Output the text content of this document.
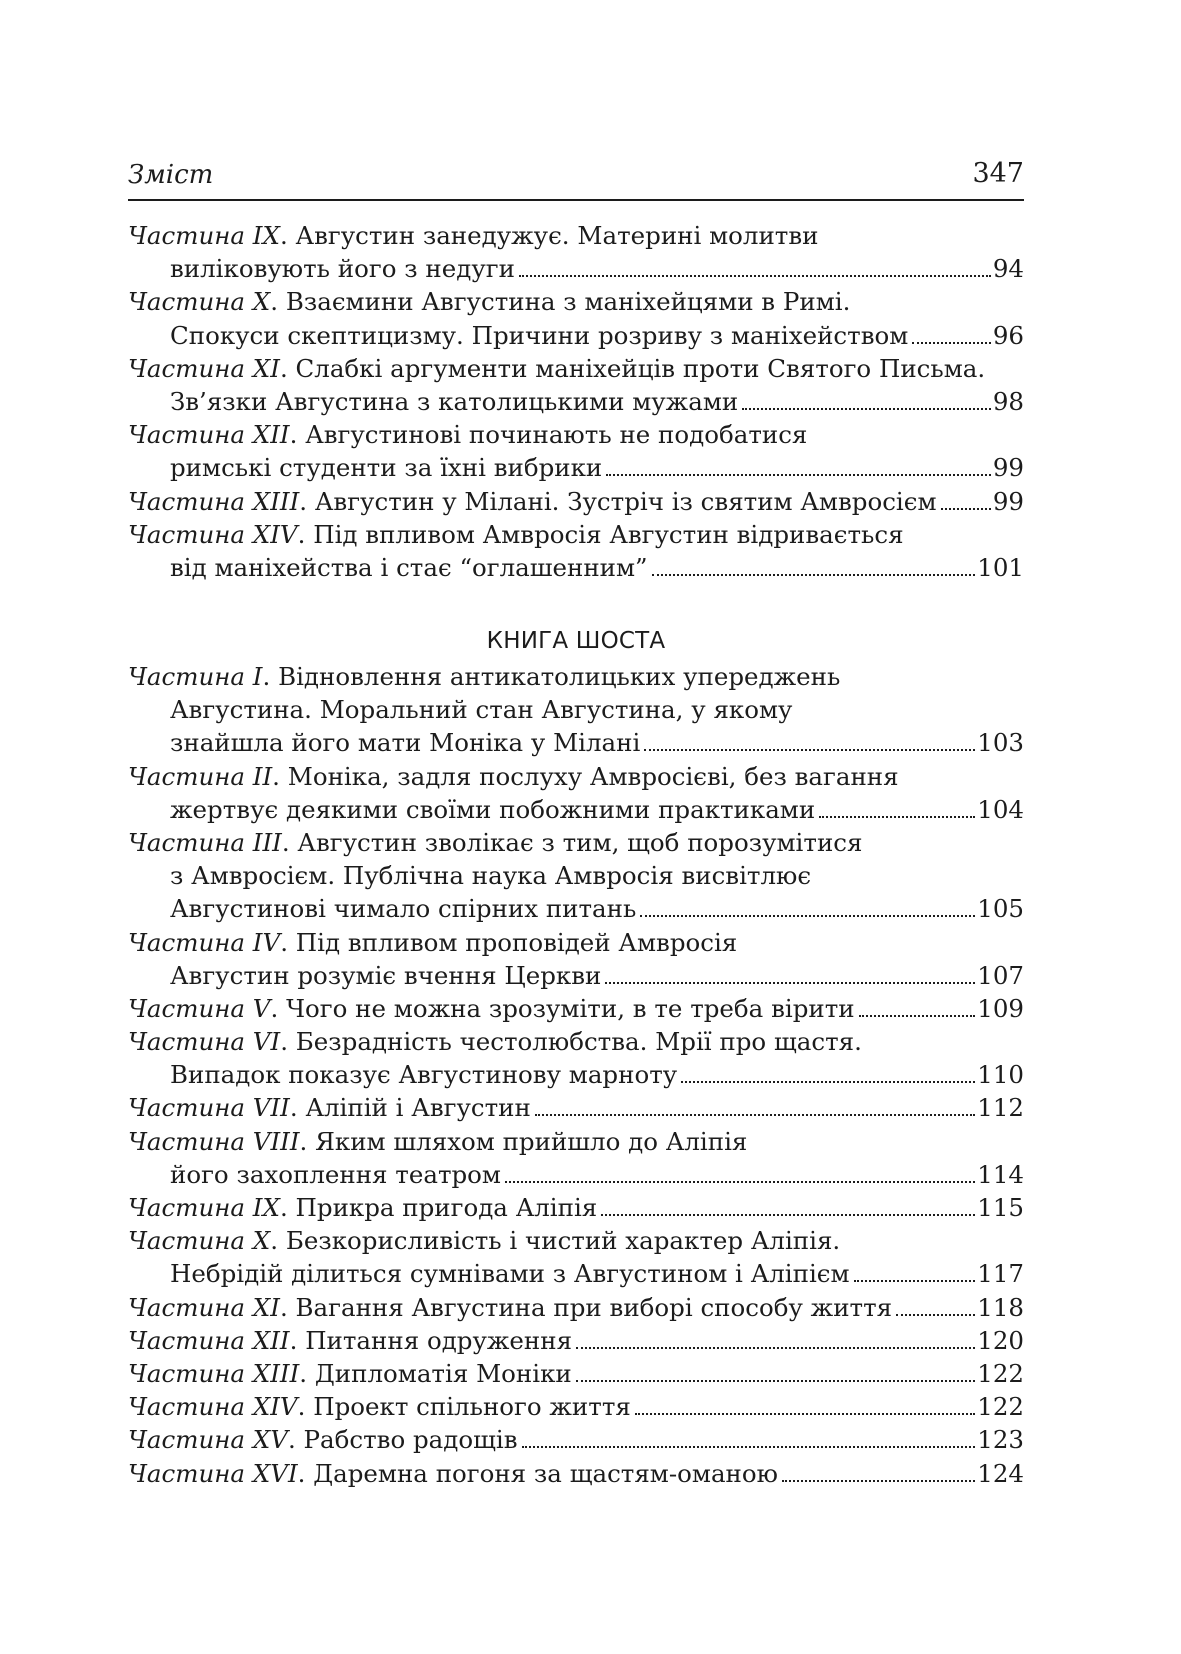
Зміст	347
Частина IX . Августин занедужує. Материні молитви
виліковують його з недуги	94
Частина X . Взаємини Августина з маніхейцями в Римі.
Спокуси скептицизму. Причини розриву з маніхейством	96
Частина XI . Слабкі аргументи маніхейців проти Святого Письма.
Зв’язки Августина з католицькими мужами	98
Частина XII . Августинові починають не подобатися
римські студенти за їхні вибрики	99
Частина XIII . Августин у Мілані. Зустріч із святим Амвросієм 99
Частина XIV . Під впливом Амвросія Августин відривається
від маніхейства і стає “оглашенним”	101
КНИГА ШОСТА
Частина I . Відновлення антикатолицьких упереджень
Августина. Моральний стан Августина, у якому
знайшла його мати Моніка у Мілані	103
Частина II . Моніка, задля послуху Амвросієві, без вагання
жертвує деякими своїми побожними практиками	104
Частина III . Августин зволікає з тим, щоб порозумітися
з Амвросієм. Публічна наука Амвросія висвітлює
Августинові чимало спірних питань	105
Частина IV . Під впливом проповідей Амвросія
Августин розуміє вчення Церкви	107
Частина V . Чого не можна зрозуміти, в те треба вірити	109
Частина VI . Безрадність честолюбства. Мрії про щастя.
Випадок показує Августинову марноту	110
Частина VII . Аліпій і Августин	112
Частина VIII . Яким шляхом прийшло до Аліпія
його захоплення театром	114
Частина IX . Прикра пригода Аліпія	115
Частина X . Безкорисливість і чистий характер Аліпія.
Небрідій ділиться сумнівами з Августином і Аліпієм	117
Частина XI . Вагання Августина при виборі способу життя	118
Частина XII . Питання одруження	120
Частина XIII . Дипломатія Моніки	122
Частина XIV . Проект спільного життя	122
Частина XV . Рабство радощів	123
Частина XVI . Даремна погоня за щастям-оманою	124
